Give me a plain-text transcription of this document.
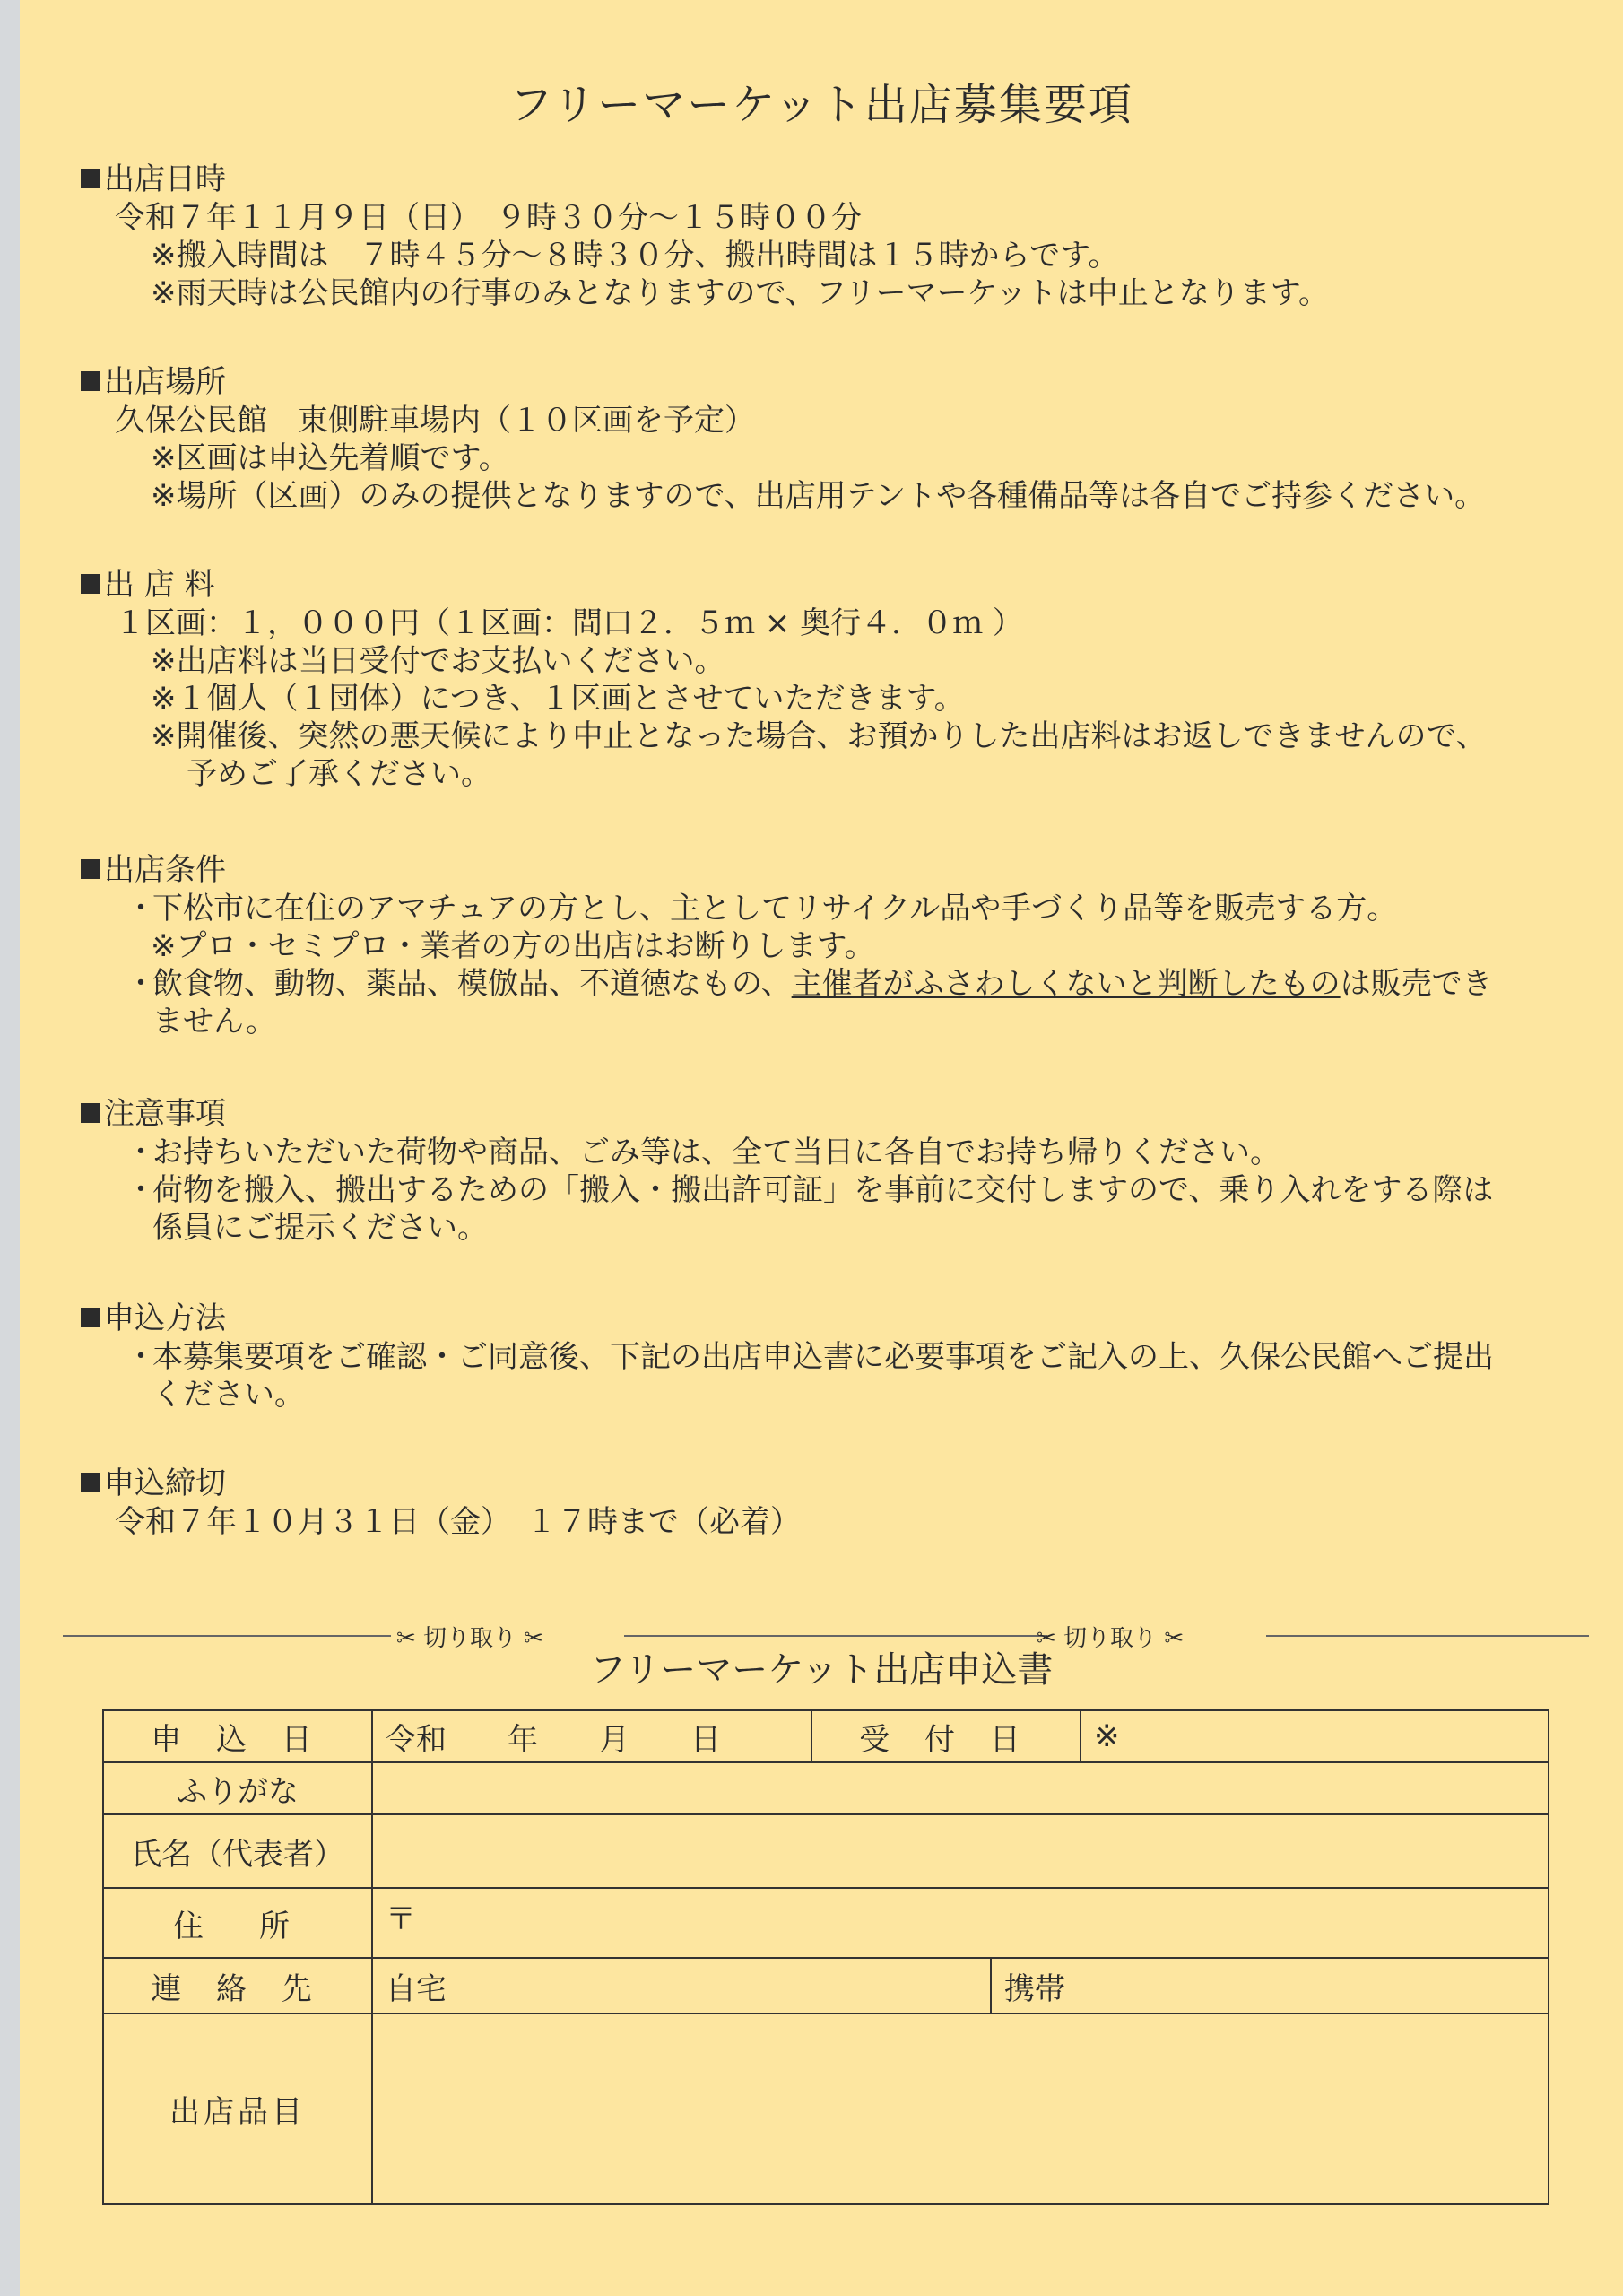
フリーマーケット出店募集要項
出店日時
令和７年１１月９日（日）　９時３０分～１５時００分
※搬入時間は　７時４５分～８時３０分、搬出時間は１５時からです。
※雨天時は公民館内の行事のみとなりますので、フリーマーケットは中止となります。
出店場所
久保公民館　東側駐車場内（１０区画を予定）
※区画は申込先着順です。
※場所（区画）のみの提供となりますので、出店用テントや各種備品等は各自でご持参ください。
出 店 料
１区画：１，０００円（１区画：間口２．５ｍ × 奥行４．０ｍ ）
※出店料は当日受付でお支払いください。
※１個人（１団体）につき、１区画とさせていただきます。
※開催後、突然の悪天候により中止となった場合、お預かりした出店料はお返しできませんので、
予めご了承ください。
出店条件
・下松市に在住のアマチュアの方とし、主としてリサイクル品や手づくり品等を販売する方。
※プロ・セミプロ・業者の方の出店はお断りします。
・飲食物、動物、薬品、模倣品、不道徳なもの、主催者がふさわしくないと判断したものは販売でき
ません。
注意事項
・お持ちいただいた荷物や商品、ごみ等は、全て当日に各自でお持ち帰りください。
・荷物を搬入、搬出するための「搬入・搬出許可証」を事前に交付しますので、乗り入れをする際は
係員にご提示ください。
申込方法
・本募集要項をご確認・ご同意後、下記の出店申込書に必要事項をご記入の上、久保公民館へご提出
ください。
申込締切
令和７年１０月３１日（金）　１７時まで（必着）
✂ 切り取り ✂	✂ 切り取り ✂
フリーマーケット出店申込書
申 込 日	令和　　年　　月　　日	受 付 日	※
ふりがな			
氏名（代表者）			
住　所	〒		
連 絡 先	自宅 携帯		

出店品目			
